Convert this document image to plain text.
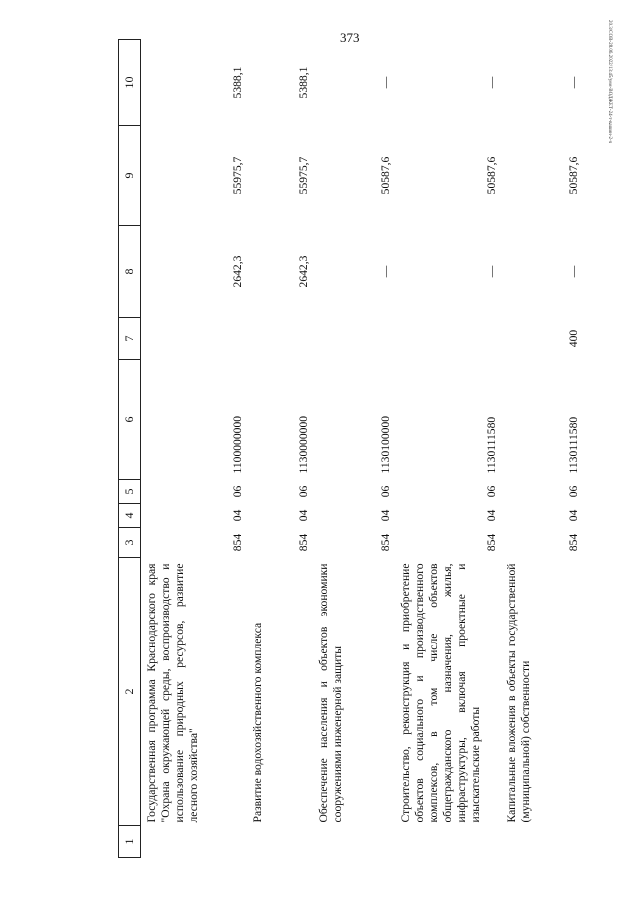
373	20.3/СОВ-28.06.2022/13:45/уем-ВОДЖЕТ-24-т-вашин-2-ч
1	2	3	4	5	6	7	8	9	10
	Государственная программа Краснодарского края "Охрана окружающей среды, воспроизводство и использование природных ресурсов, развитие лесного хозяйства"	854	04	06	1100000000		2642,3	55975,7	5388,1
	Развитие водохозяйственного комплекса	854	04	06	1130000000		2642,3	55975,7	5388,1
	Обеспечение населения и объектов экономики сооружениями инженерной защиты	854	04	06	1130100000		—	50587,6	—
	Строительство, реконструкция и приобретение объектов социального и производственного комплексов, в том числе объектов общегражданского назначения, жилья, инфраструктуры, включая проектные и изыскательские работы	854	04	06	1130111580		—	50587,6	—
	Капитальные вложения в объекты государственной (муниципальной) собственности	854	04	06	1130111580	400	—	50587,6	—
